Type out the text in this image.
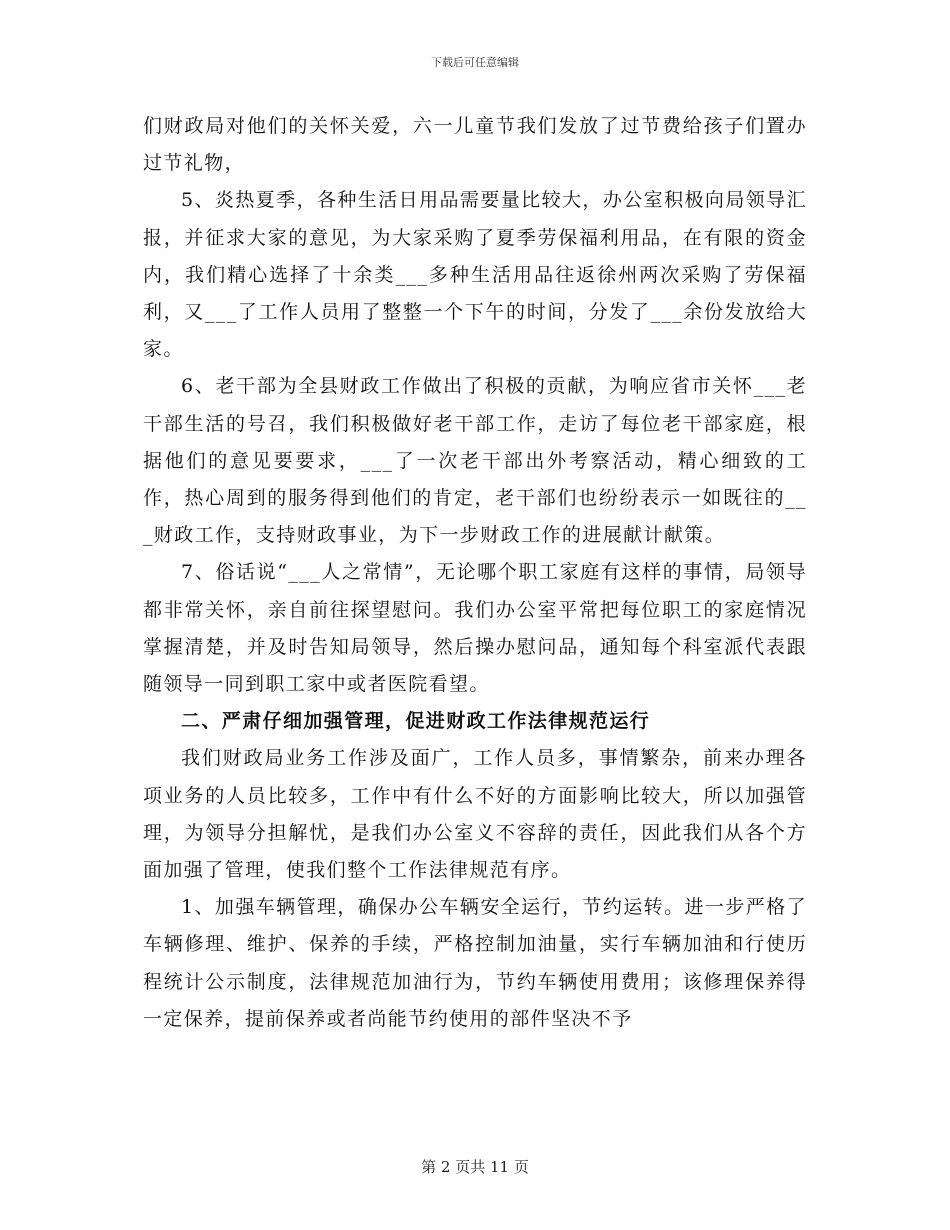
下载后可任意编辑

们财政局对他们的关怀关爱，六一儿童节我们发放了过节费给孩子们置办过节礼物，

5、炎热夏季，各种生活日用品需要量比较大，办公室积极向局领导汇报，并征求大家的意见，为大家采购了夏季劳保福利用品，在有限的资金内，我们精心选择了十余类___多种生活用品往返徐州两次采购了劳保福利，又___了工作人员用了整整一个下午的时间，分发了___余份发放给大家。

6、老干部为全县财政工作做出了积极的贡献，为响应省市关怀___老干部生活的号召，我们积极做好老干部工作，走访了每位老干部家庭，根据他们的意见要要求，___了一次老干部出外考察活动，精心细致的工作，热心周到的服务得到他们的肯定，老干部们也纷纷表示一如既往的___财政工作，支持财政事业，为下一步财政工作的进展献计献策。

7、俗话说“___人之常情”，无论哪个职工家庭有这样的事情，局领导都非常关怀，亲自前往探望慰问。我们办公室平常把每位职工的家庭情况掌握清楚，并及时告知局领导，然后操办慰问品，通知每个科室派代表跟随领导一同到职工家中或者医院看望。

二、严肃仔细加强管理，促进财政工作法律规范运行

我们财政局业务工作涉及面广，工作人员多，事情繁杂，前来办理各项业务的人员比较多，工作中有什么不好的方面影响比较大，所以加强管理，为领导分担解忧，是我们办公室义不容辞的责任，因此我们从各个方面加强了管理，使我们整个工作法律规范有序。

1、加强车辆管理，确保办公车辆安全运行，节约运转。进一步严格了车辆修理、维护、保养的手续，严格控制加油量，实行车辆加油和行使历程统计公示制度，法律规范加油行为，节约车辆使用费用；该修理保养得一定保养，提前保养或者尚能节约使用的部件坚决不予

第 2 页共 11 页
